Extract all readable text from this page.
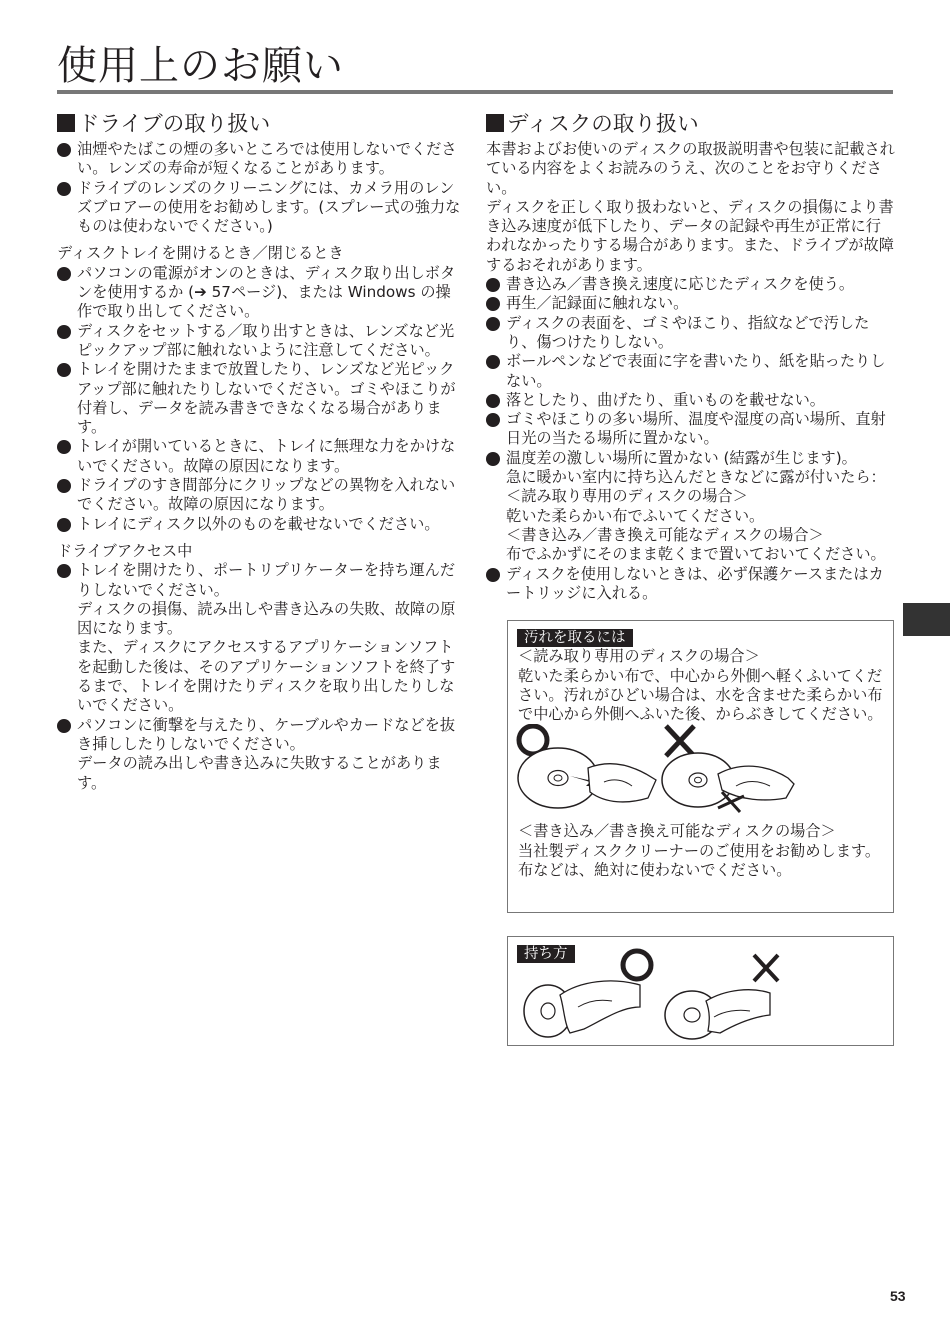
使用上のお願い
ドライブの取り扱い
油煙やたばこの煙の多いところでは使用しないでください。レンズの寿命が短くなることがあります。
ドライブのレンズのクリーニングには、カメラ用のレンズブロアーの使用をお勧めします。(スプレー式の強力なものは使わないでください。)

ディスクトレイを開けるとき／閉じるとき

パソコンの電源がオンのときは、ディスク取り出しボタンを使用するか (➔ 57ページ)、または Windows の操作で取り出してください。
ディスクをセットする／取り出すときは、レンズなど光ピックアップ部に触れないように注意してください。
トレイを開けたままで放置したり、レンズなど光ピックアップ部に触れたりしないでください。ゴミやほこりが付着し、データを読み書きできなくなる場合があります。
トレイが開いているときに、トレイに無理な力をかけないでください。故障の原因になります。
ドライブのすき間部分にクリップなどの異物を入れないでください。故障の原因になります。
トレイにディスク以外のものを載せないでください。

ドライブアクセス中

トレイを開けたり、ポートリプリケーターを持ち運んだりしないでください。

ディスクの損傷、読み出しや書き込みの失敗、故障の原因になります。

また、ディスクにアクセスするアプリケーションソフトを起動した後は、そのアプリケーションソフトを終了するまで、トレイを開けたりディスクを取り出したりしないでください。

パソコンに衝撃を与えたり、ケーブルやカードなどを抜き挿ししたりしないでください。

データの読み出しや書き込みに失敗することがあります。

ディスクの取り扱い

本書およびお使いのディスクの取扱説明書や包装に記載されている内容をよくお読みのうえ、次のことをお守りください。

ディスクを正しく取り扱わないと、ディスクの損傷により書き込み速度が低下したり、データの記録や再生が正常に行われなかったりする場合があります。また、ドライブが故障するおそれがあります。

書き込み／書き換え速度に応じたディスクを使う。
再生／記録面に触れない。
ディスクの表面を、ゴミやほこり、指紋などで汚したり、傷つけたりしない。
ボールペンなどで表面に字を書いたり、紙を貼ったりしない。
落としたり、曲げたり、重いものを載せない。
ゴミやほこりの多い場所、温度や湿度の高い場所、直射日光の当たる場所に置かない。

温度差の激しい場所に置かない (結露が生じます)。

急に暖かい室内に持ち込んだときなどに露が付いたら：

＜読み取り専用のディスクの場合＞

乾いた柔らかい布でふいてください。

＜書き込み／書き換え可能なディスクの場合＞

布でふかずにそのまま乾くまで置いておいてください。

ディスクを使用しないときは、必ず保護ケースまたはカートリッジに入れる。
汚れを取るには

＜読み取り専用のディスクの場合＞

乾いた柔らかい布で、中心から外側へ軽くふいてください。汚れがひどい場合は、水を含ませた柔らかい布で中心から外側へふいた後、からぶきしてください。

＜書き込み／書き換え可能なディスクの場合＞

当社製ディスククリーナーのご使用をお勧めします。布などは、絶対に使わないでください。

持ち方
53
